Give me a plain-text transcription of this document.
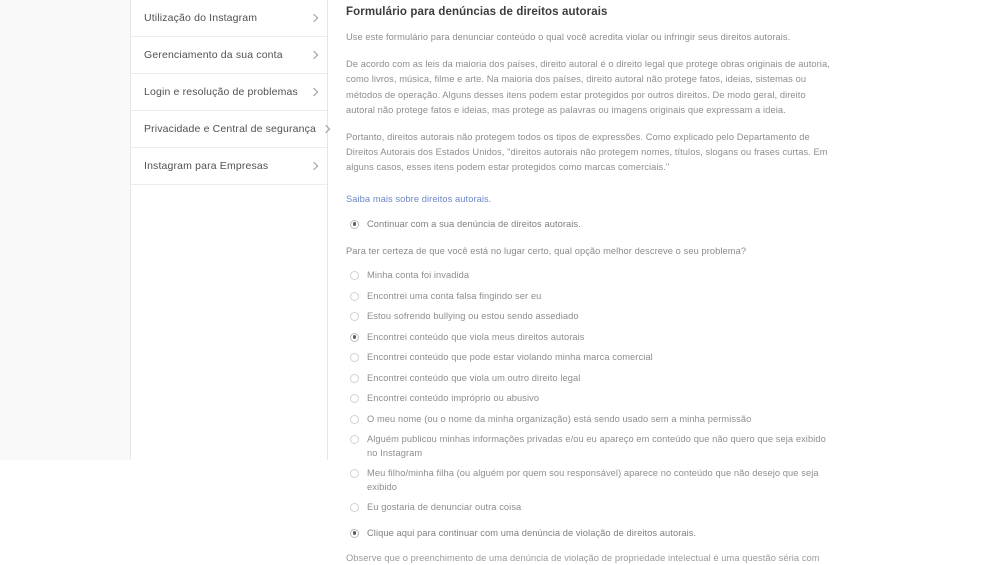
Utilização do Instagram
Gerenciamento da sua conta
Login e resolução de problemas
Privacidade e Central de segurança
Instagram para Empresas
Formulário para denúncias de direitos autorais

Use este formulário para denunciar conteúdo o qual você acredita violar ou infringir seus direitos autorais.

De acordo com as leis da maioria dos países, direito autoral é o direito legal que protege obras originais de autoria, como livros, música, filme e arte. Na maioria dos países, direito autoral não protege fatos, ideias, sistemas ou métodos de operação. Alguns desses itens podem estar protegidos por outros direitos. De modo geral, direito autoral não protege fatos e ideias, mas protege as palavras ou imagens originais que expressam a ideia.

Portanto, direitos autorais não protegem todos os tipos de expressões. Como explicado pelo Departamento de Direitos Autorais dos Estados Unidos, "direitos autorais não protegem nomes, títulos, slogans ou frases curtas. Em alguns casos, esses itens podem estar protegidos como marcas comerciais."

Saiba mais sobre direitos autorais.
Continuar com a sua denúncia de direitos autorais.

Para ter certeza de que você está no lugar certo, qual opção melhor descreve o seu problema?

Minha conta foi invadida
Encontrei uma conta falsa fingindo ser eu
Estou sofrendo bullying ou estou sendo assediado
Encontrei conteúdo que viola meus direitos autorais
Encontrei conteúdo que pode estar violando minha marca comercial
Encontrei conteúdo que viola um outro direito legal
Encontrei conteúdo impróprio ou abusivo
O meu nome (ou o nome da minha organização) está sendo usado sem a minha permissão
Alguém publicou minhas informações privadas e/ou eu apareço em conteúdo que não quero que seja exibido no Instagram
Meu filho/minha filha (ou alguém por quem sou responsável) aparece no conteúdo que não desejo que seja exibido
Eu gostaria de denunciar outra coisa
Clique aqui para continuar com uma denúncia de violação de direitos autorais.

Observe que o preenchimento de uma denúncia de violação de propriedade intelectual é uma questão séria com
